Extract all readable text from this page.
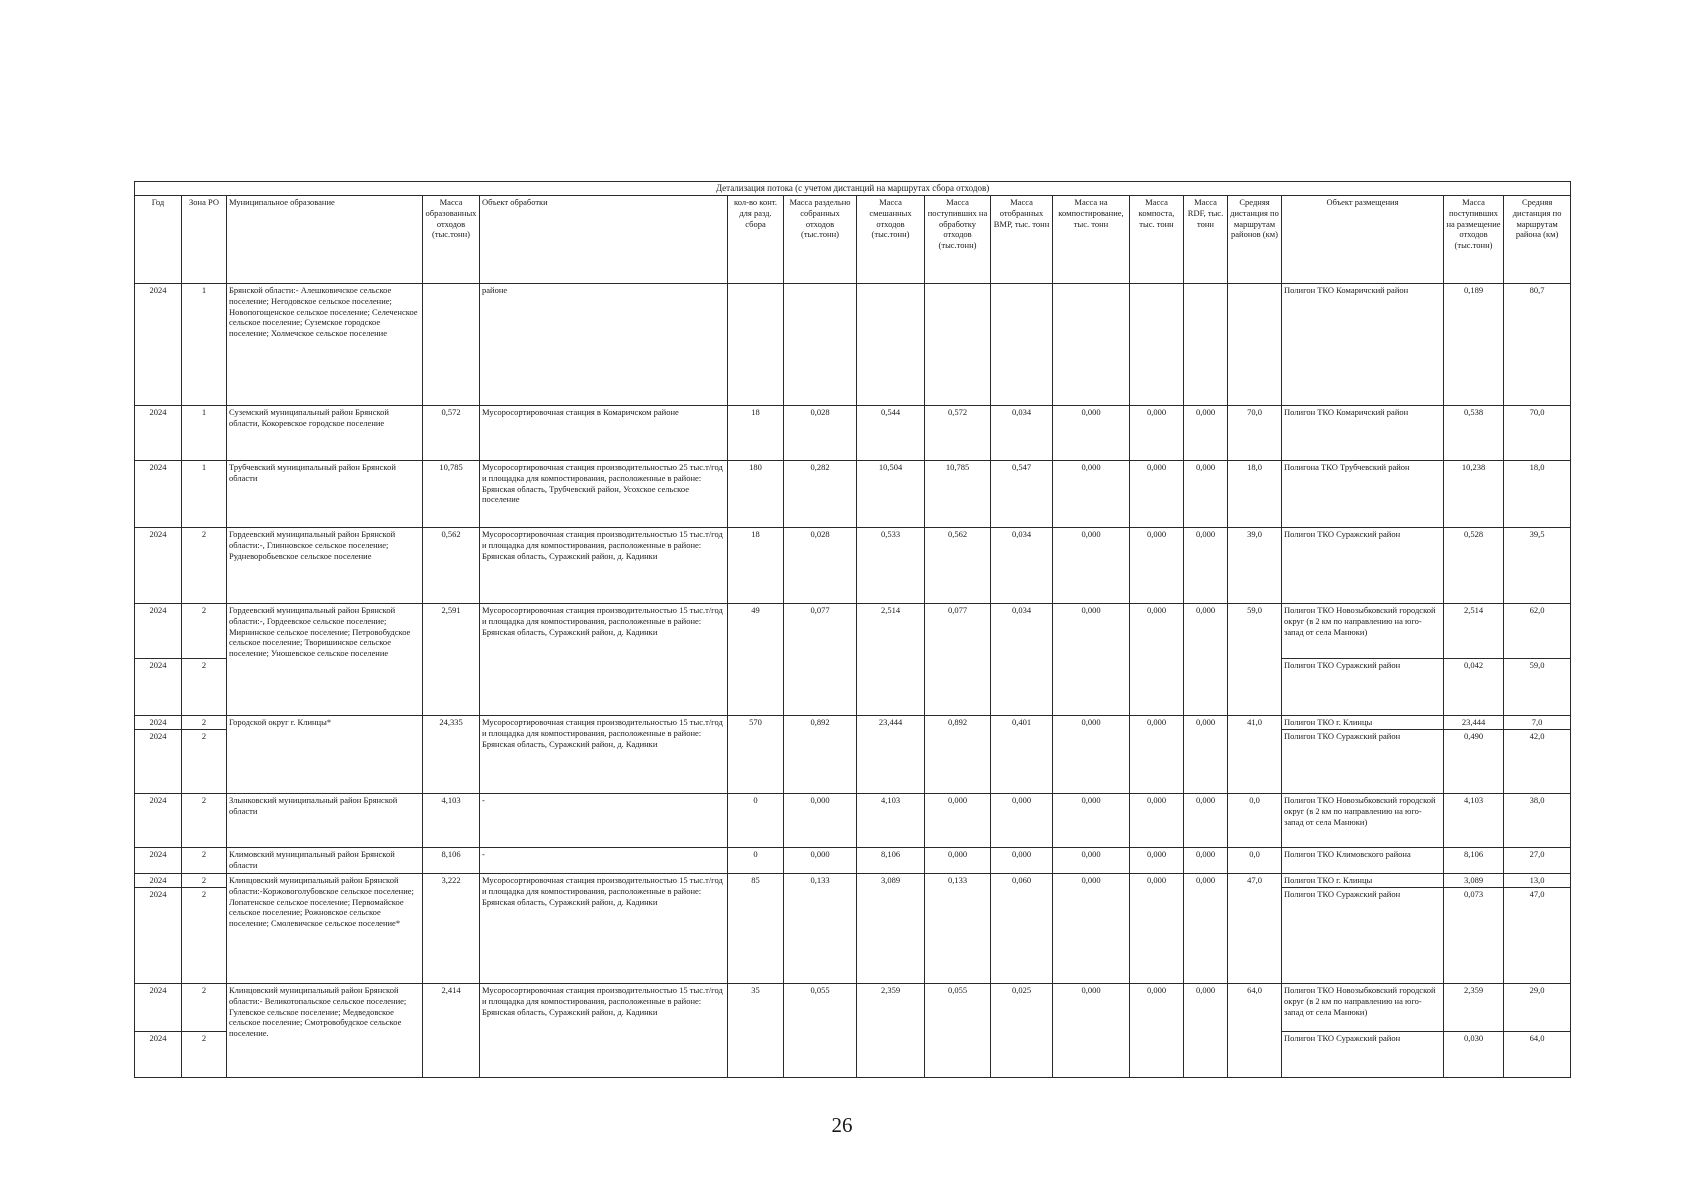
Детализация потока (с учетом дистанций на маршрутах сбора отходов)																
Год	Зона РО	Муниципальное образование	Масса образованных отходов (тыс.тонн)	Объект обработки	кол-во конт. для разд. сбора	Масса раздельно собранных отходов (тыс.тонн)	Масса смешанных отходов (тыс.тонн)	Масса поступивших на обработку отходов (тыс.тонн)	Масса отобранных ВМР, тыс. тонн	Масса на компостирование, тыс. тонн	Масса компоста, тыс. тонн	Масса RDF, тыс. тонн	Средняя дистанция по маршрутам районов (км)	Объект размещения	Масса поступивших на размещение отходов (тыс.тонн)	Средняя дистанция по маршрутам района (км)
2024	1	Брянской области:- Алешковичское сельское поселение; Негодовское сельское поселение; Новопогощенское сельское поселение; Селеченское сельское поселение; Суземское городское поселение; Холмечское сельское поселение		районе										Полигон ТКО Комаричский район	0,189	80,7
2024	1	Суземский муниципальный район Брянской области, Кокоревское городское поселение	0,572	Мусоросортировочная станция в Комаричском районе	18	0,028	0,544	0,572	0,034	0,000	0,000	0,000	70,0	Полигон ТКО Комаричский район	0,538	70,0
2024	1	Трубчевский муниципальный район Брянской области	10,785	Мусоросортировочная станция производительностью 25 тыс.т/год и площадка для компостирования, расположенные в районе: Брянская область, Трубчевский район, Усохское сельское поселение	180	0,282	10,504	10,785	0,547	0,000	0,000	0,000	18,0	Полигона ТКО Трубчевский район	10,238	18,0
2024	2	Гордеевский муниципальный район Брянской области:-, Глинновское сельское поселение; Рудневоробьевское сельское поселение	0,562	Мусоросортировочная станция производительностью 15 тыс.т/год и площадка для компостирования, расположенные в районе: Брянская область, Суражский район, д. Кадинки	18	0,028	0,533	0,562	0,034	0,000	0,000	0,000	39,0	Полигон ТКО Суражский район	0,528	39,5
2024	2	Гордеевский муниципальный район Брянской области:-, Гордеевское сельское поселение; Мирнинское сельское поселение; Петровобудское сельское поселение; Творишинское сельское поселение; Уношевское сельское поселение	2,591	Мусоросортировочная станция производительностью 15 тыс.т/год и площадка для компостирования, расположенные в районе: Брянская область, Суражский район, д. Кадинки	49	0,077	2,514	0,077	0,034	0,000	0,000	0,000	59,0	Полигон ТКО Новозыбковский городской округ (в 2 км по направлению на юго-запад от села Манюки)	2,514	62,0
2024	2													Полигон ТКО Суражский район	0,042	59,0
2024	2	Городской округ г. Клинцы*	24,335	Мусоросортировочная станция производительностью 15 тыс.т/год и площадка для компостирования, расположенные в районе: Брянская область, Суражский район, д. Кадинки	570	0,892	23,444	0,892	0,401	0,000	0,000	0,000	41,0	Полигон ТКО г. Клинцы	23,444	7,0
2024	2													Полигон ТКО Суражский район	0,490	42,0
2024	2	Злынковский муниципальный район Брянской области	4,103	-	0	0,000	4,103	0,000	0,000	0,000	0,000	0,000	0,0	Полигон ТКО Новозыбковский городской округ (в 2 км по направлению на юго-запад от села Манюки)	4,103	38,0
2024	2	Климовский муниципальный район Брянской области	8,106	-	0	0,000	8,106	0,000	0,000	0,000	0,000	0,000	0,0	Полигон ТКО Климовского района	8,106	27,0
2024	2	Клинцовский муниципальный район Брянской области:-Коржовоголубовское сельское поселение; Лопатенское сельское поселение; Первомайское сельское поселение; Рожновское сельское поселение; Смолевичское сельское поселение*	3,222	Мусоросортировочная станция производительностью 15 тыс.т/год и площадка для компостирования, расположенные в районе: Брянская область, Суражский район, д. Кадинки	85	0,133	3,089	0,133	0,060	0,000	0,000	0,000	47,0	Полигон ТКО г. Клинцы	3,089	13,0
2024	2													Полигон ТКО Суражский район	0,073	47,0
2024	2	Клинцовский муниципальный район Брянской области:- Великотопальское сельское поселение; Гулевское сельское поселение; Медведовское сельское поселение; Смотровобудское сельское поселение.	2,414	Мусоросортировочная станция производительностью 15 тыс.т/год и площадка для компостирования, расположенные в районе: Брянская область, Суражский район, д. Кадинки	35	0,055	2,359	0,055	0,025	0,000	0,000	0,000	64,0	Полигон ТКО Новозыбковский городской округ (в 2 км по направлению на юго-запад от села Манюки)	2,359	29,0
2024	2													Полигон ТКО Суражский район	0,030	64,0
26
